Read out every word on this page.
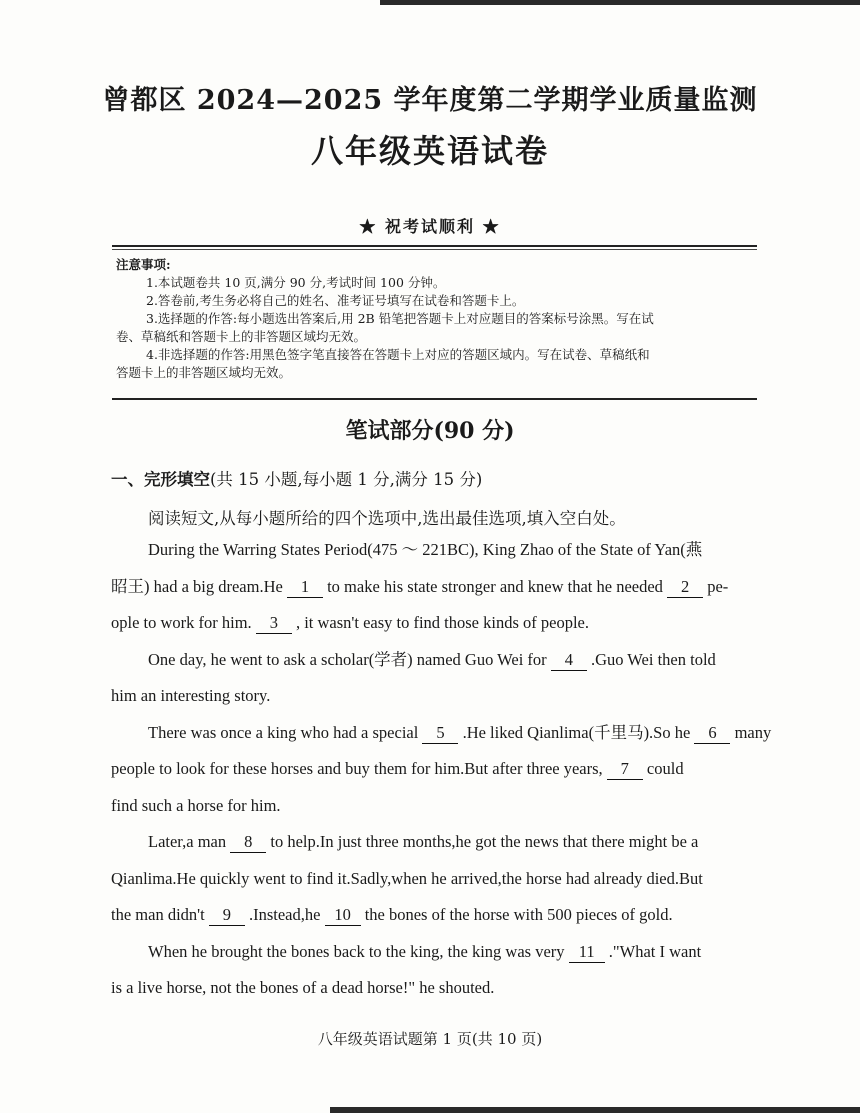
曾都区 2024—2025 学年度第二学期学业质量监测
八年级英语试卷
★ 祝考试顺利 ★

注意事项:

1.本试题卷共 10 页,满分 90 分,考试时间 100 分钟。

2.答卷前,考生务必将自己的姓名、准考证号填写在试卷和答题卡上。

3.选择题的作答:每小题选出答案后,用 2B 铅笔把答题卡上对应题目的答案标号涂黑。写在试

卷、草稿纸和答题卡上的非答题区域均无效。

4.非选择题的作答:用黑色签字笔直接答在答题卡上对应的答题区域内。写在试卷、草稿纸和

答题卡上的非答题区域均无效。

笔试部分(90 分)
一、完形填空(共 15 小题,每小题 1 分,满分 15 分)
阅读短文,从每小题所给的四个选项中,选出最佳选项,填入空白处。
During the Warring States Period(475 ～ 221BC), King Zhao of the State of Yan(燕
昭王) had a big dream.He 1 to make his state stronger and knew that he needed 2 pe-
ople to work for him. 3 , it wasn't easy to find those kinds of people.
One day, he went to ask a scholar(学者) named Guo Wei for 4 .Guo Wei then told
him an interesting story.
There was once a king who had a special 5 .He liked Qianlima(千里马).So he 6 many
people to look for these horses and buy them for him.But after three years, 7 could
find such a horse for him.
Later,a man 8 to help.In just three months,he got the news that there might be a
Qianlima.He quickly went to find it.Sadly,when he arrived,the horse had already died.But
the man didn't 9 .Instead,he 10 the bones of the horse with 500 pieces of gold.
When he brought the bones back to the king, the king was very 11 ."What I want
is a live horse, not the bones of a dead horse!" he shouted.
八年级英语试题第 1 页(共 10 页)
